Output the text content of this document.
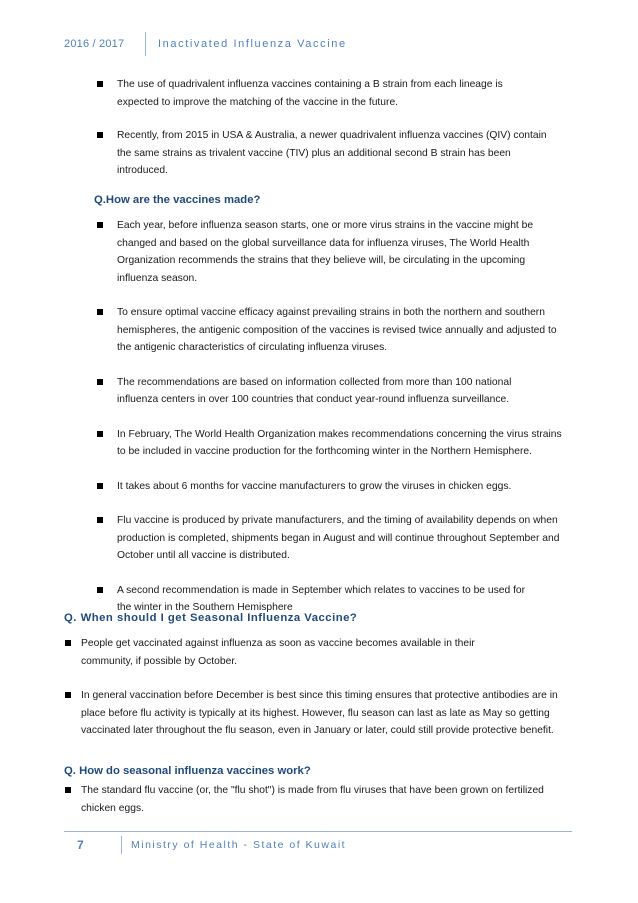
2016 / 2017	Inactivated Influenza Vaccine
The use of quadrivalent influenza vaccines containing a B strain from each lineage is expected to improve the matching of the vaccine in the future.
Recently, from 2015 in USA & Australia, a newer quadrivalent influenza vaccines (QIV) contain the same strains as trivalent vaccine (TIV) plus an additional second B strain has been introduced.
Q.How are the vaccines made?
Each year, before influenza season starts, one or more virus strains in the vaccine might be changed and based on the global surveillance data for influenza viruses, The World Health Organization recommends the strains that they believe will, be circulating in the upcoming influenza season.
To ensure optimal vaccine efficacy against prevailing strains in both the northern and southern hemispheres, the antigenic composition of the vaccines is revised twice annually and adjusted to the antigenic characteristics of circulating influenza viruses.
The recommendations are based on information collected from more than 100 national influenza centers in over 100 countries that conduct year-round influenza surveillance.
In February, The World Health Organization makes recommendations concerning the virus strains to be included in vaccine production for the forthcoming winter in the Northern Hemisphere.
It takes about 6 months for vaccine manufacturers to grow the viruses in chicken eggs.
Flu vaccine is produced by private manufacturers, and the timing of availability depends on when production is completed, shipments began in August and will continue throughout September and October until all vaccine is distributed.
A second recommendation is made in September which relates to vaccines to be used for the winter in the Southern Hemisphere
Q. When should I get Seasonal Influenza Vaccine?
People get vaccinated against influenza as soon as vaccine becomes available in their community, if possible by October.
In general vaccination before December is best since this timing ensures that protective antibodies are in place before flu activity is typically at its highest. However, flu season can last as late as May so getting vaccinated later throughout the flu season, even in January or later, could still provide protective benefit.
Q. How do seasonal influenza vaccines work?
The standard flu vaccine (or, the "flu shot") is made from flu viruses that have been grown on fertilized chicken eggs.
7	Ministry of Health - State of Kuwait
